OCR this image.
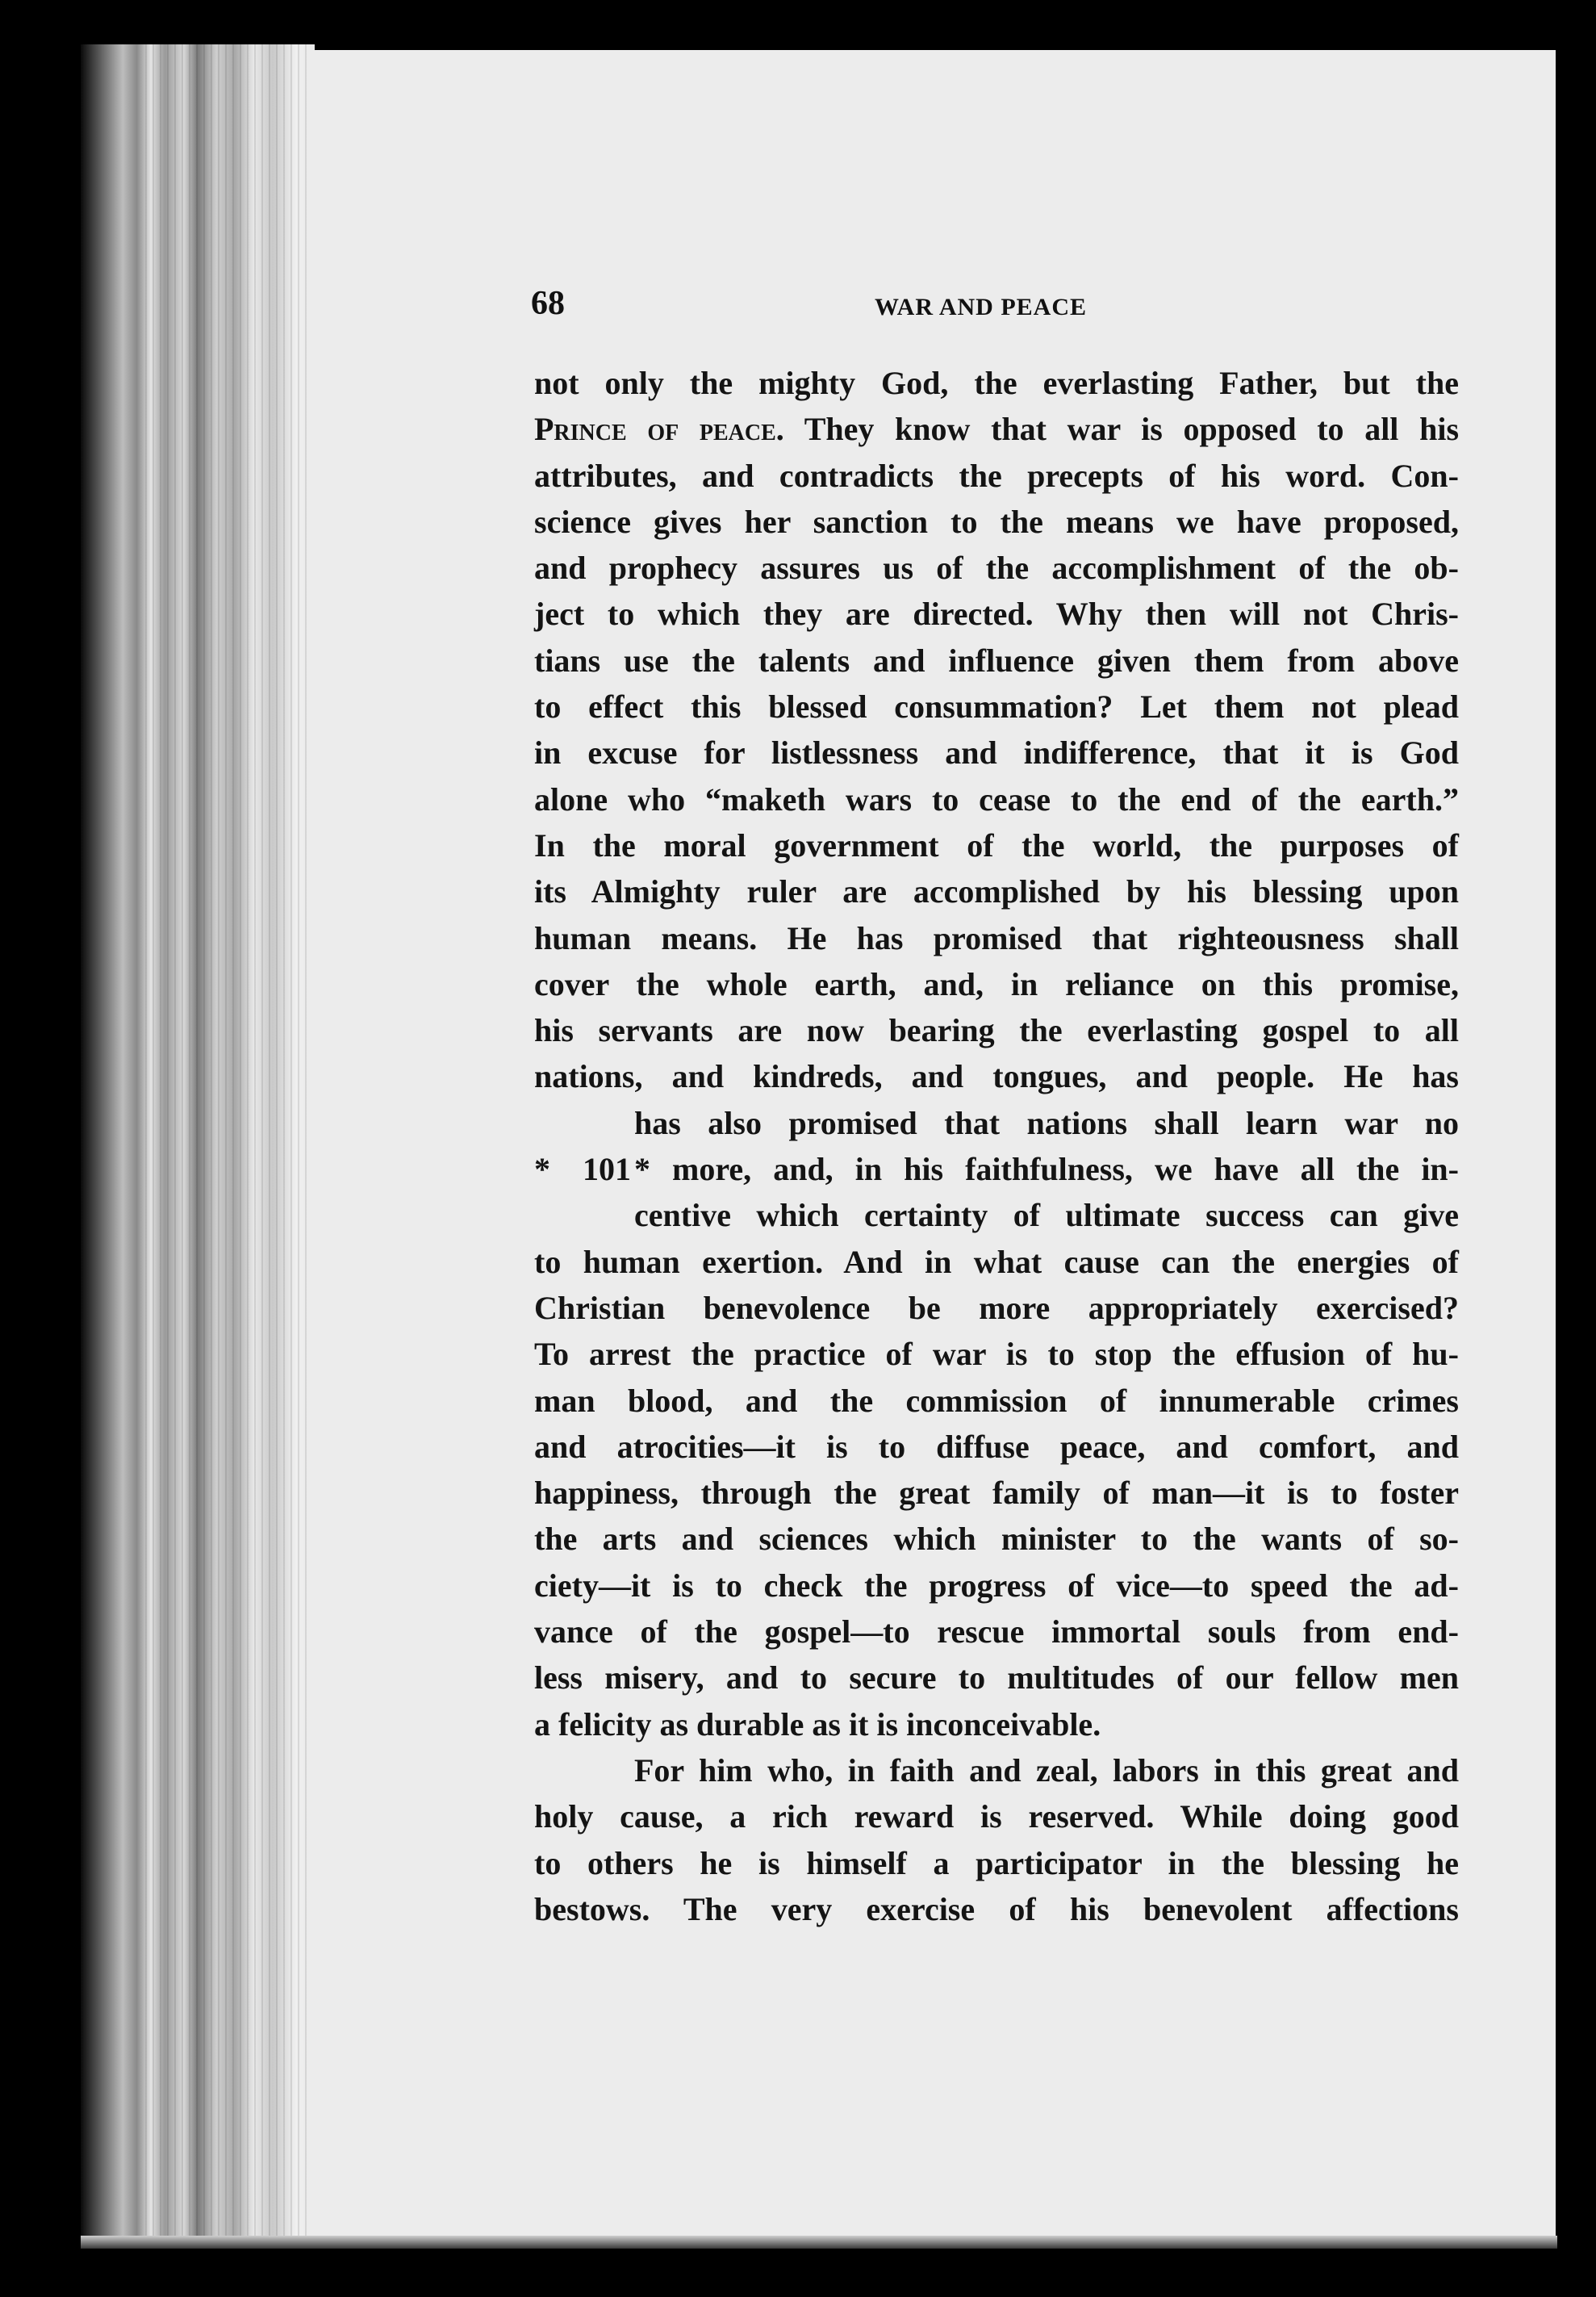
68	WAR AND PEACE
not only the mighty God, the everlasting Father, but the
Prince of peace. They know that war is opposed to all his
attributes, and contradicts the precepts of his word. Con-
science gives her sanction to the means we have proposed,
and prophecy assures us of the accomplishment of the ob-
ject to which they are directed. Why then will not Chris-
tians use the talents and influence given them from above
to effect this blessed consummation? Let them not plead
in excuse for listlessness and indifference, that it is God
alone who “maketh wars to cease to the end of the earth.”
In the moral government of the world, the purposes of
its Almighty ruler are accomplished by his blessing upon
human means. He has promised that righteousness shall
cover the whole earth, and, in reliance on this promise,
his servants are now bearing the everlasting gospel to all
nations, and kindreds, and tongues, and people. He has
has also promised that nations shall learn war no
* 101 * more, and, in his faithfulness, we have all the in-
centive which certainty of ultimate success can give
to human exertion. And in what cause can the energies of
Christian benevolence be more appropriately exercised?
To arrest the practice of war is to stop the effusion of hu-
man blood, and the commission of innumerable crimes
and atrocities—it is to diffuse peace, and comfort, and
happiness, through the great family of man—it is to foster
the arts and sciences which minister to the wants of so-
ciety—it is to check the progress of vice—to speed the ad-
vance of the gospel—to rescue immortal souls from end-
less misery, and to secure to multitudes of our fellow men
a felicity as durable as it is inconceivable.
For him who, in faith and zeal, labors in this great and
holy cause, a rich reward is reserved. While doing good
to others he is himself a participator in the blessing he
bestows. The very exercise of his benevolent affections
